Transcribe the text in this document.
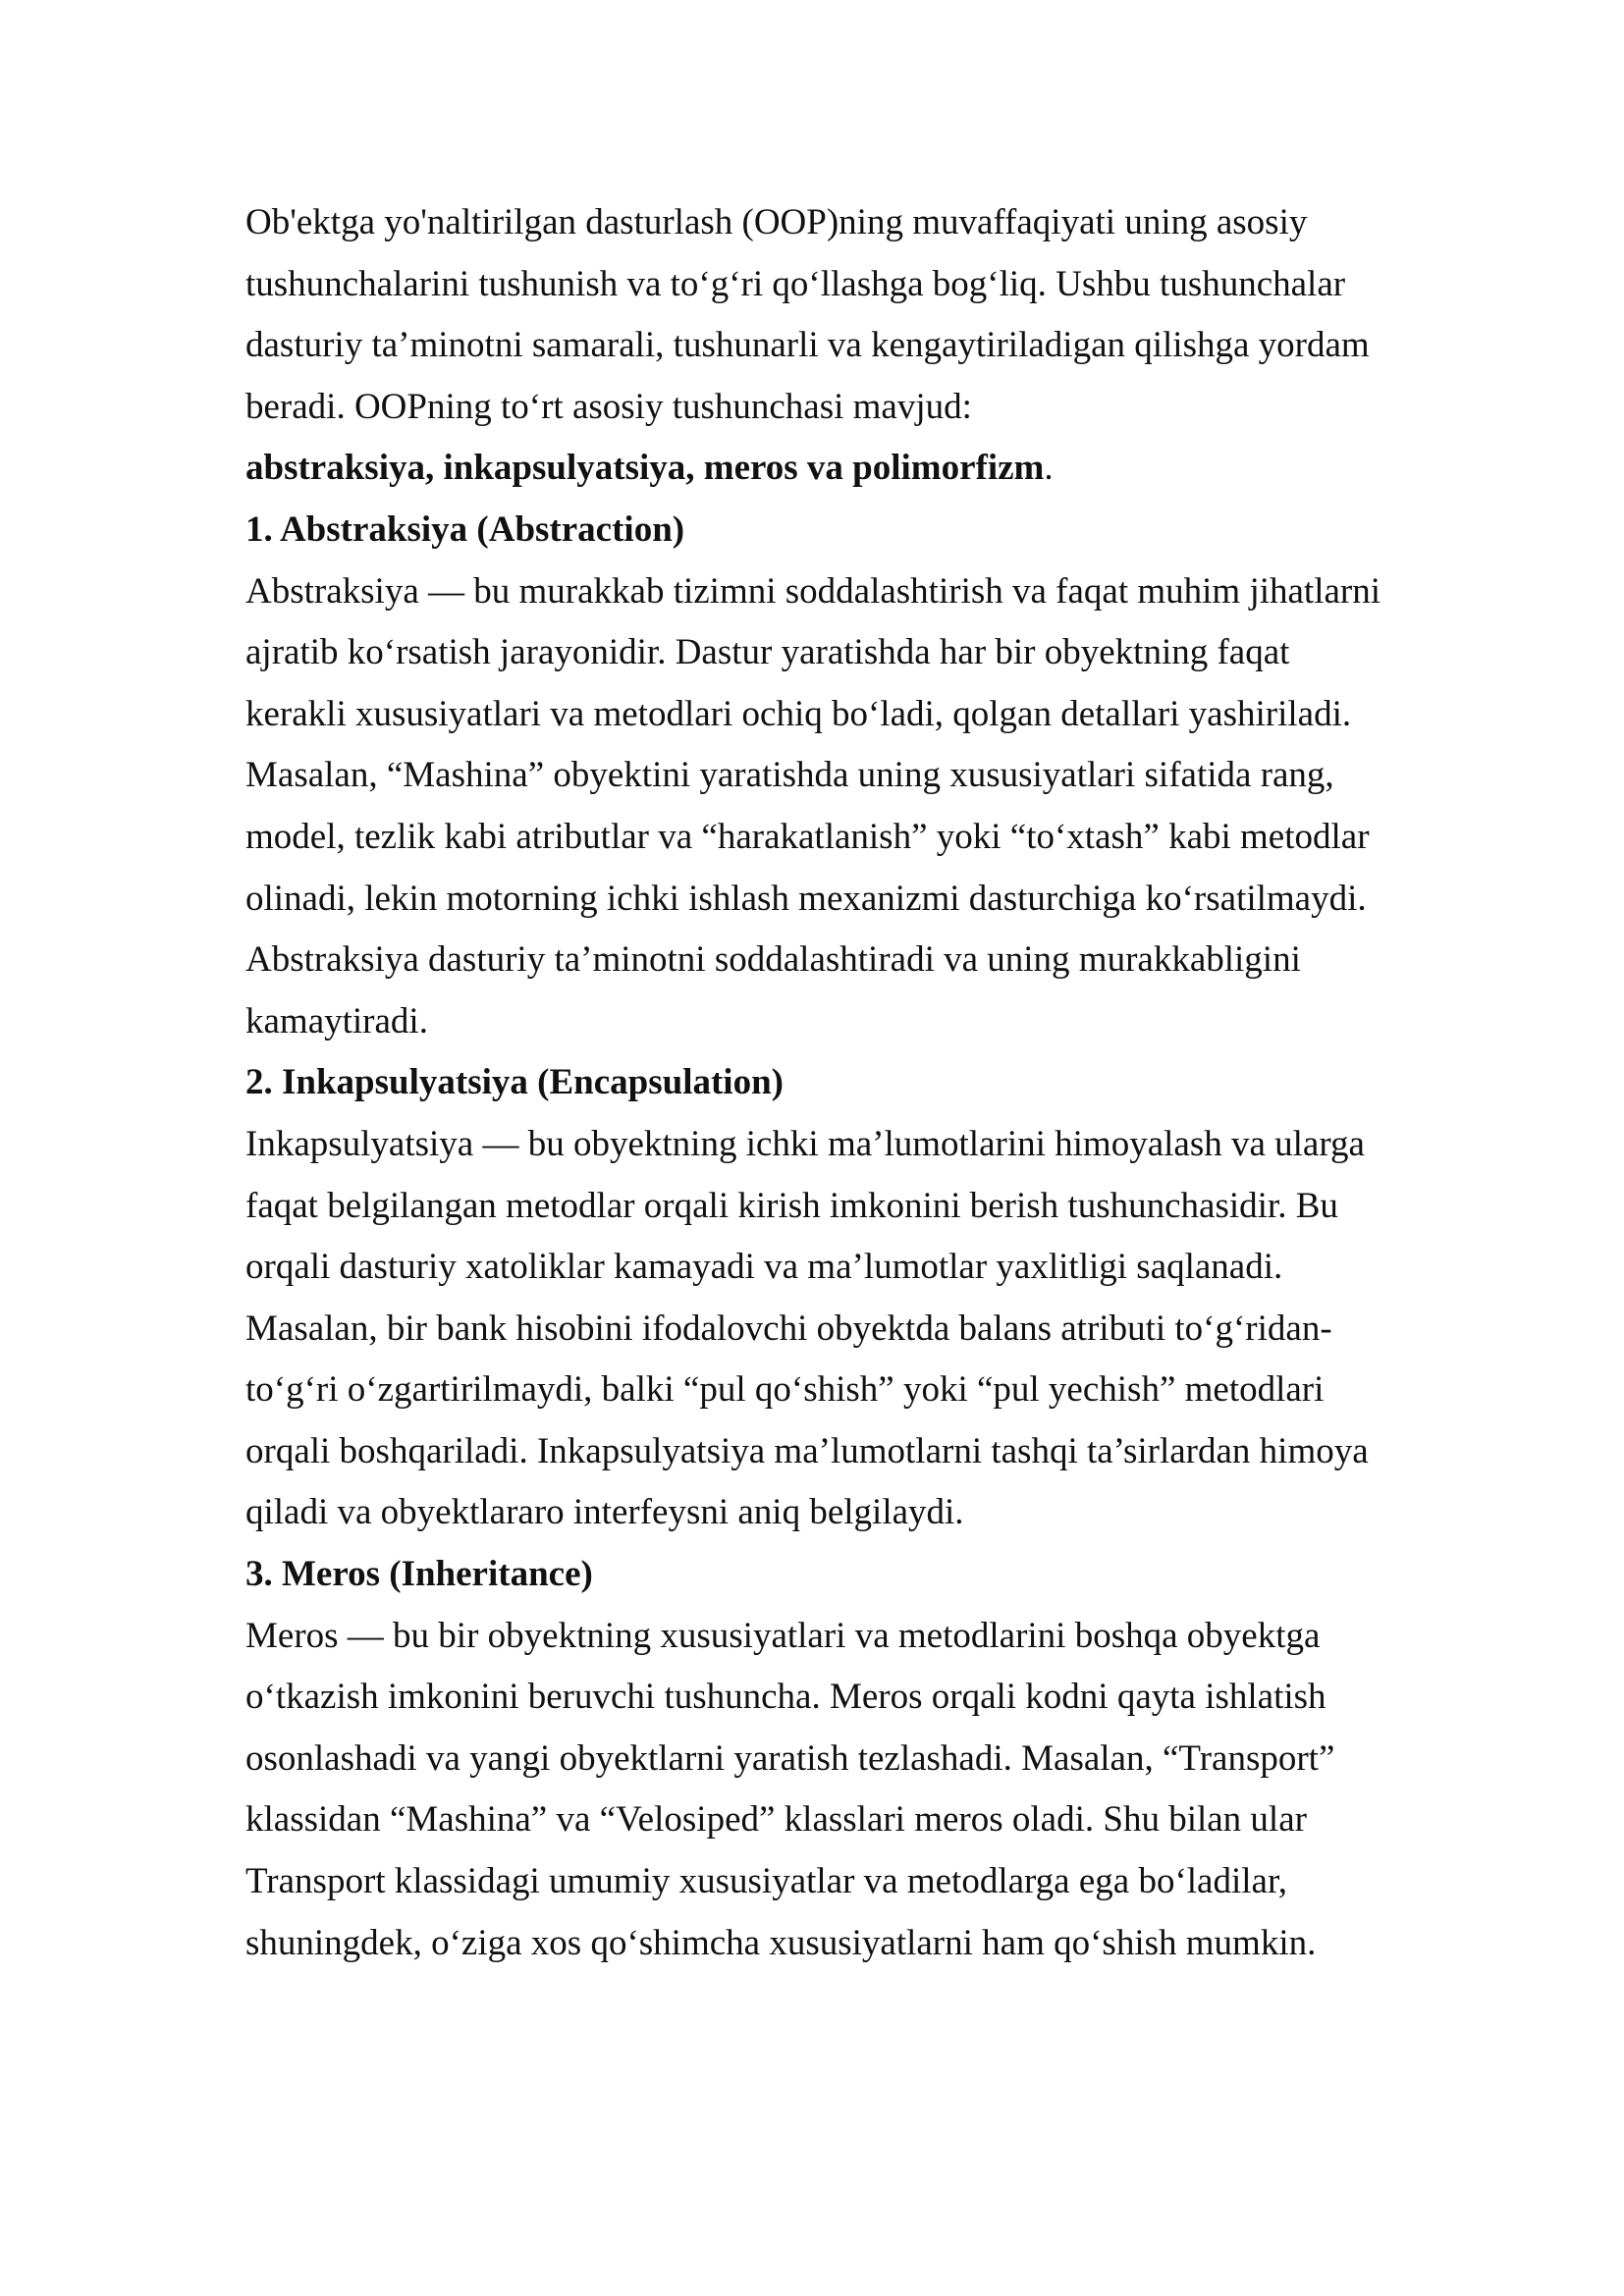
Ob'ektga yo'naltirilgan dasturlash (OOP)ning muvaffaqiyati uning asosiy tushunchalarini tushunish va to‘g‘ri qo‘llashga bog‘liq. Ushbu tushunchalar dasturiy ta’minotni samarali, tushunarli va kengaytiriladigan qilishga yordam beradi. OOPning to‘rt asosiy tushunchasi mavjud:
abstraksiya, inkapsulyatsiya, meros va polimorfizm.

1. Abstraksiya (Abstraction)

Abstraksiya — bu murakkab tizimni soddalashtirish va faqat muhim jihatlarni ajratib ko‘rsatish jarayonidir. Dastur yaratishda har bir obyektning faqat kerakli xususiyatlari va metodlari ochiq bo‘ladi, qolgan detallari yashiriladi. Masalan, “Mashina” obyektini yaratishda uning xususiyatlari sifatida rang, model, tezlik kabi atributlar va “harakatlanish” yoki “to‘xtash” kabi metodlar olinadi, lekin motorning ichki ishlash mexanizmi dasturchiga ko‘rsatilmaydi. Abstraksiya dasturiy ta’minotni soddalashtiradi va uning murakkabligini kamaytiradi.

2. Inkapsulyatsiya (Encapsulation)

Inkapsulyatsiya — bu obyektning ichki ma’lumotlarini himoyalash va ularga faqat belgilangan metodlar orqali kirish imkonini berish tushunchasidir. Bu orqali dasturiy xatoliklar kamayadi va ma’lumotlar yaxlitligi saqlanadi. Masalan, bir bank hisobini ifodalovchi obyektda balans atributi to‘g‘ridan-to‘g‘ri o‘zgartirilmaydi, balki “pul qo‘shish” yoki “pul yechish” metodlari orqali boshqariladi. Inkapsulyatsiya ma’lumotlarni tashqi ta’sirlardan himoya qiladi va obyektlararo interfeysni aniq belgilaydi.

3. Meros (Inheritance)

Meros — bu bir obyektning xususiyatlari va metodlarini boshqa obyektga o‘tkazish imkonini beruvchi tushuncha. Meros orqali kodni qayta ishlatish osonlashadi va yangi obyektlarni yaratish tezlashadi. Masalan, “Transport” klassidan “Mashina” va “Velosiped” klasslari meros oladi. Shu bilan ular Transport klassidagi umumiy xususiyatlar va metodlarga ega bo‘ladilar, shuningdek, o‘ziga xos qo‘shimcha xususiyatlarni ham qo‘shish mumkin.
